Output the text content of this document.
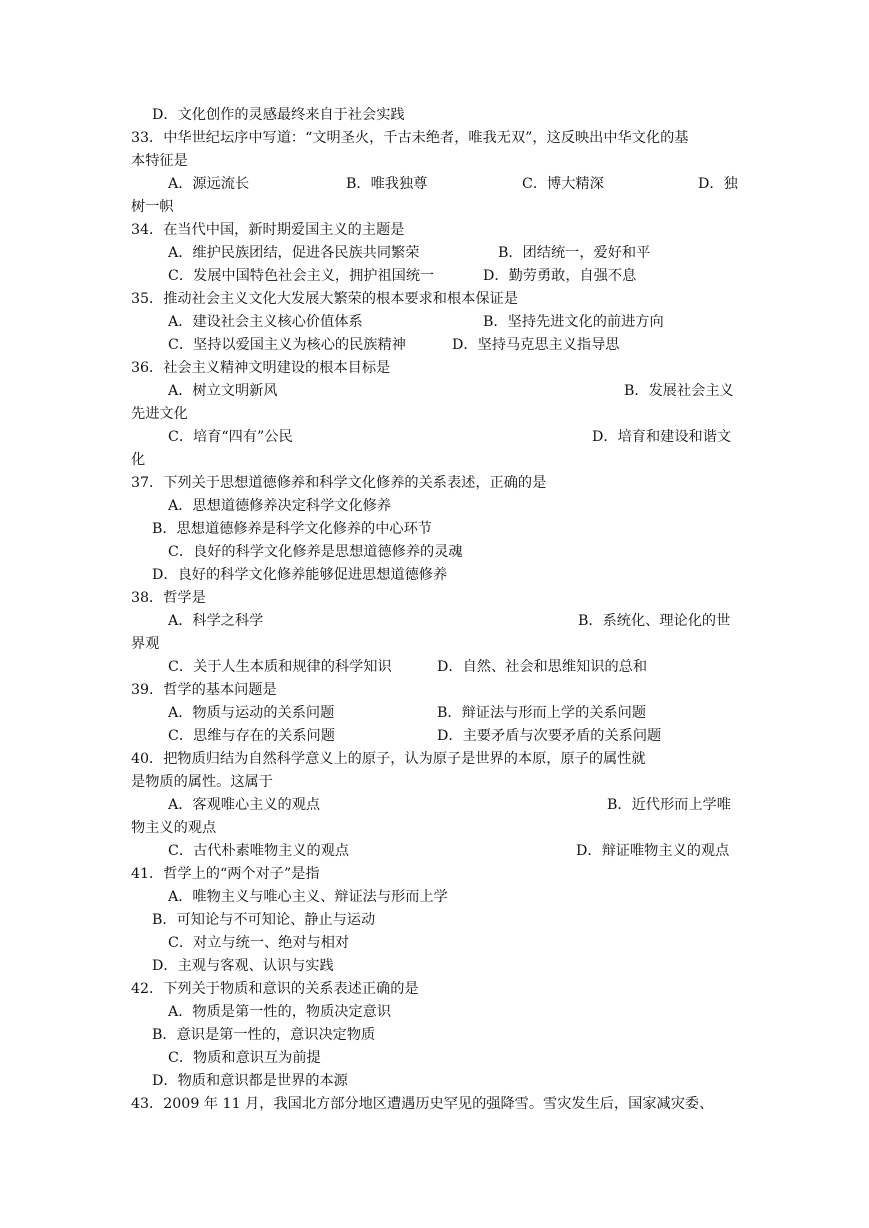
D．文化创作的灵感最终来自于社会实践
33．中华世纪坛序中写道：“文明圣火，千古未绝者，唯我无双”，这反映出中华文化的基
本特征是
A．源远流长	B．唯我独尊	C．博大精深	D．独
树一帜
34．在当代中国，新时期爱国主义的主题是
A．维护民族团结，促进各民族共同繁荣	B．团结统一，爱好和平
C．发展中国特色社会主义，拥护祖国统一	D．勤劳勇敢，自强不息
35．推动社会主义文化大发展大繁荣的根本要求和根本保证是
A．建设社会主义核心价值体系	B．坚持先进文化的前进方向
C．坚持以爱国主义为核心的民族精神	D．坚持马克思主义指导思
36．社会主义精神文明建设的根本目标是
A．树立文明新风	B．发展社会主义
先进文化
C．培育“四有”公民	D．培育和建设和谐文
化
37．下列关于思想道德修养和科学文化修养的关系表述，正确的是
A．思想道德修养决定科学文化修养
B．思想道德修养是科学文化修养的中心环节
C．良好的科学文化修养是思想道德修养的灵魂
D．良好的科学文化修养能够促进思想道德修养
38．哲学是
A．科学之科学	B．系统化、理论化的世
界观
C．关于人生本质和规律的科学知识	D．自然、社会和思维知识的总和
39．哲学的基本问题是
A．物质与运动的关系问题	B．辩证法与形而上学的关系问题
C．思维与存在的关系问题	D．主要矛盾与次要矛盾的关系问题
40．把物质归结为自然科学意义上的原子，认为原子是世界的本原，原子的属性就
是物质的属性。这属于
A．客观唯心主义的观点	B．近代形而上学唯
物主义的观点
C．古代朴素唯物主义的观点	D．辩证唯物主义的观点
41．哲学上的“两个对子”是指
A．唯物主义与唯心主义、辩证法与形而上学
B．可知论与不可知论、静止与运动
C．对立与统一、绝对与相对
D．主观与客观、认识与实践
42．下列关于物质和意识的关系表述正确的是
A．物质是第一性的，物质决定意识
B．意识是第一性的，意识决定物质
C．物质和意识互为前提
D．物质和意识都是世界的本源
43．2009 年 11 月，我国北方部分地区遭遇历史罕见的强降雪。雪灾发生后，国家减灾委、
